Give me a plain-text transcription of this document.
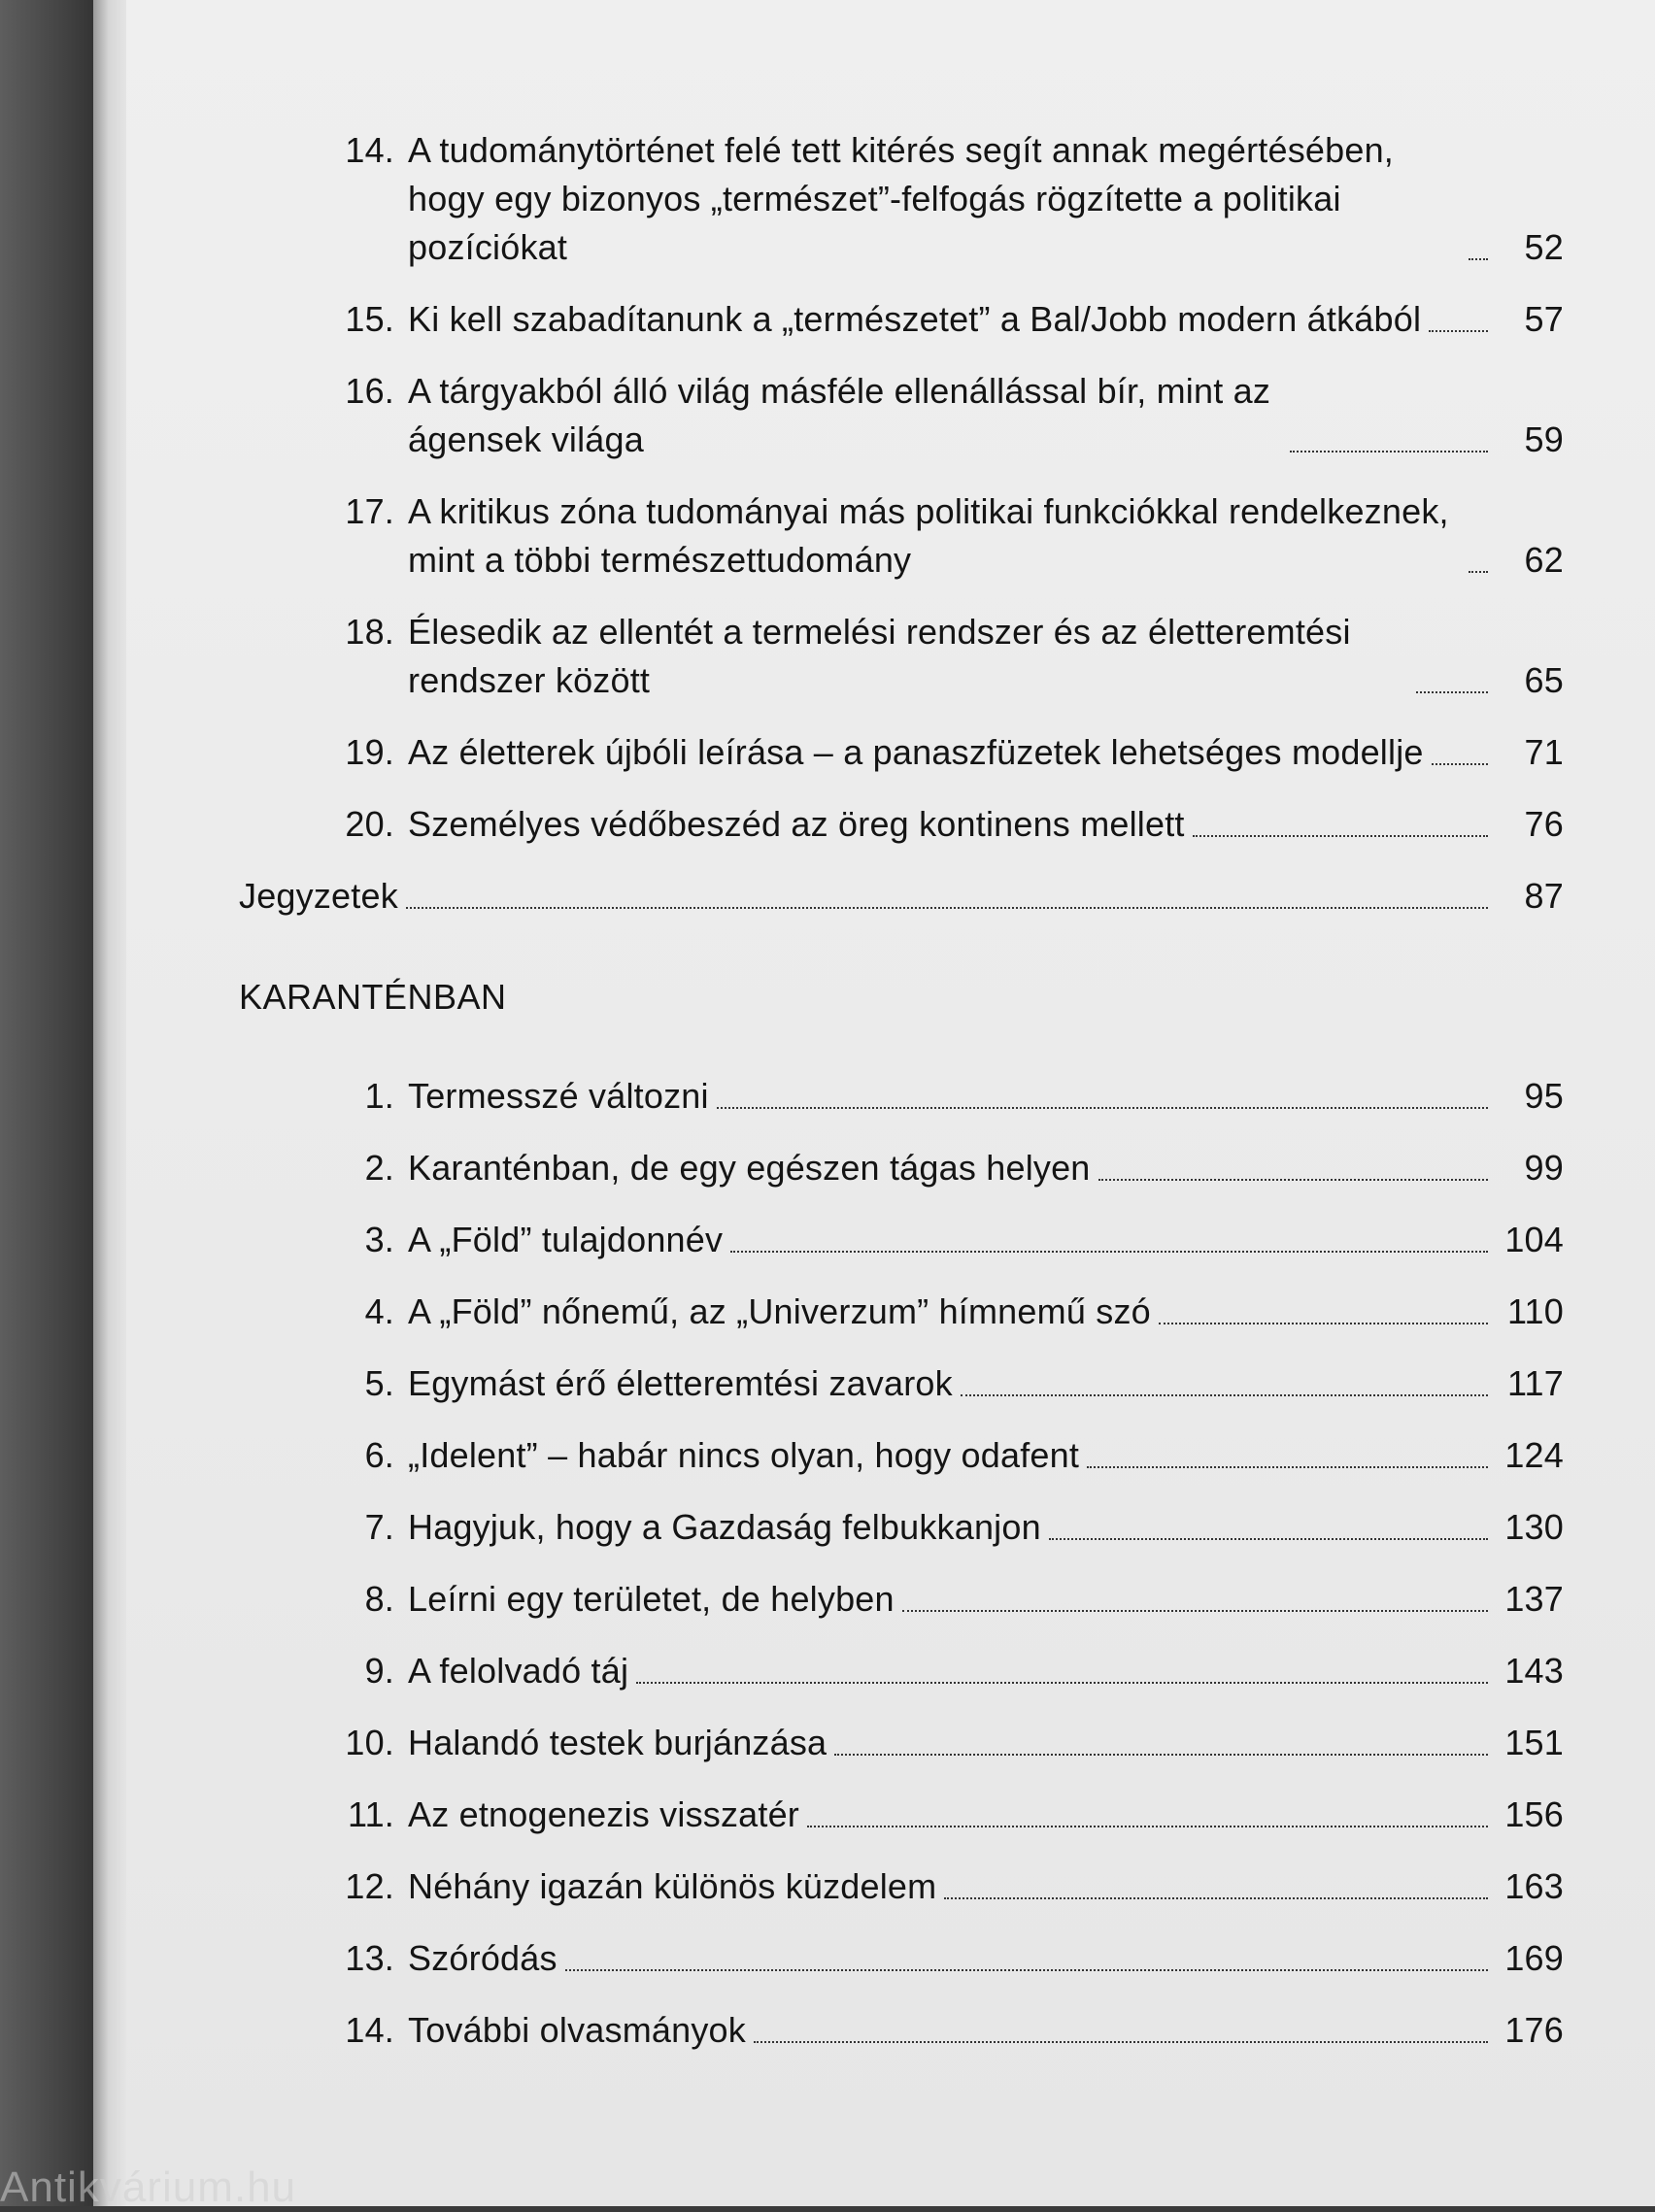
14. A tudománytörténet felé tett kitérés segít annak megértésében, hogy egy bizonyos „természet”-felfogás rögzítette a politikai pozíciókat	52
15. Ki kell szabadítanunk a „természetet” a Bal/Jobb modern átkából	57
16. A tárgyakból álló világ másféle ellenállással bír, mint az ágensek világa	59
17. A kritikus zóna tudományai más politikai funkciókkal rendelkeznek, mint a többi természettudomány	62
18. Élesedik az ellentét a termelési rendszer és az életteremtési rendszer között	65
19. Az életterek újbóli leírása – a panaszfüzetek lehetséges modellje	71
20. Személyes védőbeszéd az öreg kontinens mellett	76
Jegyzetek	87
KARANTÉNBAN
1. Termesszé változni	95
2. Karanténban, de egy egészen tágas helyen	99
3. A „Föld” tulajdonnév	104
4. A „Föld” nőnemű, az „Univerzum” hímnemű szó	110
5. Egymást érő életteremtési zavarok	117
6. „Idelent” – habár nincs olyan, hogy odafent	124
7. Hagyjuk, hogy a Gazdaság felbukkanjon	130
8. Leírni egy területet, de helyben	137
9. A felolvadó táj	143
10. Halandó testek burjánzása	151
11. Az etnogenezis visszatér	156
12. Néhány igazán különös küzdelem	163
13. Szóródás	169
14. További olvasmányok	176
Antikvárium.hu
